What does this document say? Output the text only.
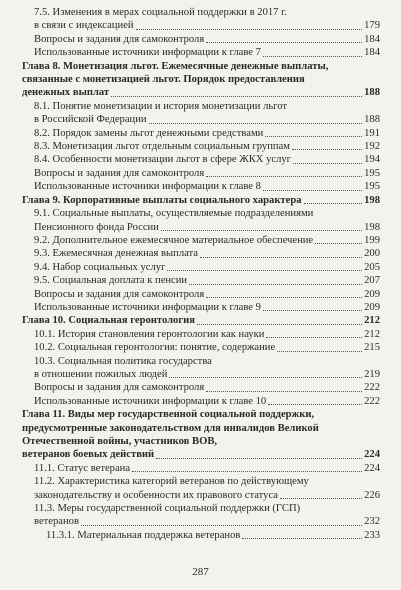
7.5. Изменения в мерах социальной поддержки в 2017 г.
в связи с индексацией	179
Вопросы и задания для самоконтроля	184
Использованные источники информации к главе 7	184
Глава 8. Монетизация льгот. Ежемесячные денежные выплаты,
связанные с монетизацией льгот. Порядок предоставления
денежных выплат	188
8.1. Понятие монетизации и история монетизации льгот
в Российской Федерации	188
8.2. Порядок замены льгот денежными средствами	191
8.3. Монетизация льгот отдельным социальным группам	192
8.4. Особенности монетизации льгот в сфере ЖКХ услуг	194
Вопросы и задания для самоконтроля	195
Использованные источники информации к главе 8	195
Глава 9. Корпоративные выплаты социального характера	198
9.1. Социальные выплаты, осуществляемые подразделениями
Пенсионного фонда России	198
9.2. Дополнительное ежемесячное материальное обеспечение	199
9.3. Ежемесячная денежная выплата	200
9.4. Набор социальных услуг	205
9.5. Социальная доплата к пенсии	207
Вопросы и задания для самоконтроля	209
Использованные источники информации к главе 9	209
Глава 10. Социальная геронтология	212
10.1. История становления геронтологии как науки	212
10.2. Социальная геронтология: понятие, содержание	215
10.3. Социальная политика государства
в отношении пожилых людей	219
Вопросы и задания для самоконтроля	222
Использованные источники информации к главе 10	222
Глава 11. Виды мер государственной социальной поддержки,
предусмотренные законодательством для инвалидов Великой
Отечественной войны, участников ВОВ,
ветеранов боевых действий	224
11.1. Статус ветерана	224
11.2. Характеристика категорий ветеранов по действующему
законодательству и особенности их правового статуса	226
11.3. Меры государственной социальной поддержки (ГСП)
ветеранов	232
11.3.1. Материальная поддержка ветеранов	233
287
